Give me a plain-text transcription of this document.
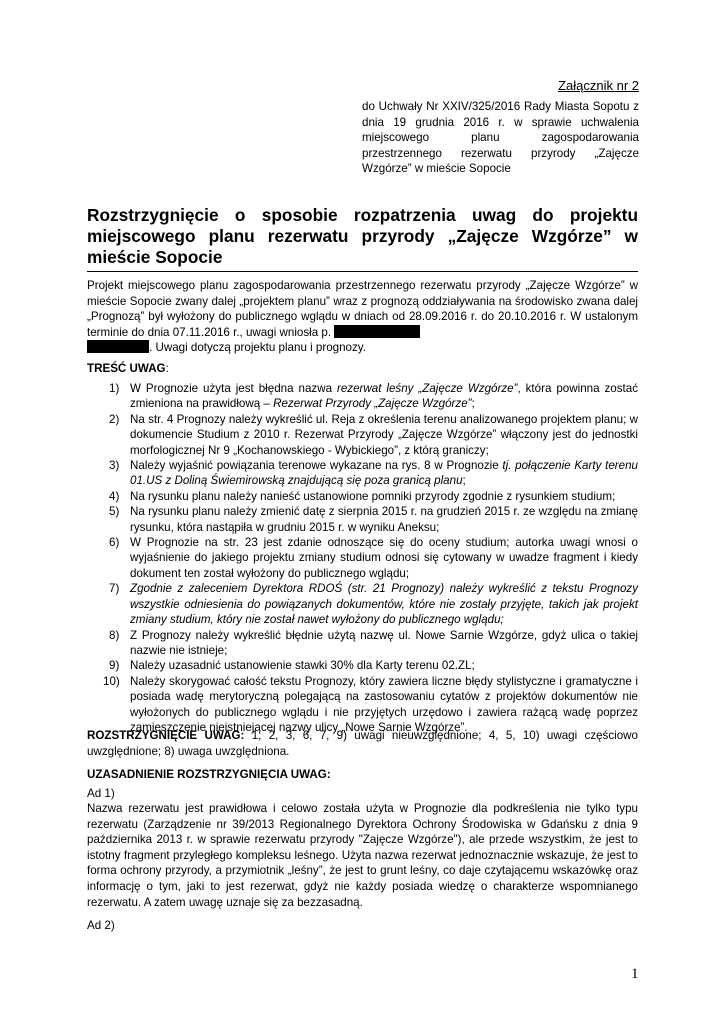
Załącznik nr 2
do Uchwały Nr XXIV/325/2016 Rady Miasta Sopotu z dnia 19 grudnia 2016 r. w sprawie uchwalenia miejscowego planu zagospodarowania przestrzennego rezerwatu przyrody „Zajęcze Wzgórze” w mieście Sopocie
Rozstrzygnięcie o sposobie rozpatrzenia uwag do projektu miejscowego planu rezerwatu przyrody „Zajęcze Wzgórze” w mieście Sopocie
Projekt miejscowego planu zagospodarowania przestrzennego rezerwatu przyrody „Zajęcze Wzgórze” w mieście Sopocie zwany dalej „projektem planu” wraz z prognozą oddziaływania na środowisko zwana dalej „Prognozą” był wyłożony do publicznego wglądu w dniach od 28.09.2016 r. do 20.10.2016 r. W ustalonym terminie do dnia 07.11.2016 r., uwagi wniosła p.
. Uwagi dotyczą projektu planu i prognozy.
TREŚĆ UWAG:
1) W Prognozie użyta jest błędna nazwa rezerwat leśny „Zajęcze Wzgórze”, która powinna zostać zmieniona na prawidłową – Rezerwat Przyrody „Zajęcze Wzgórze”;
2) Na str. 4 Prognozy należy wykreślić ul. Reja z określenia terenu analizowanego projektem planu; w dokumencie Studium z 2010 r. Rezerwat Przyrody „Zajęcze Wzgórze” włączony jest do jednostki morfologicznej Nr 9 „Kochanowskiego - Wybickiego”, z którą graniczy;
3) Należy wyjaśnić powiązania terenowe wykazane na rys. 8 w Prognozie tj. połączenie Karty terenu 01.US z Doliną Świemirowską znajdującą się poza granicą planu;
4) Na rysunku planu należy nanieść ustanowione pomniki przyrody zgodnie z rysunkiem studium;
5) Na rysunku planu należy zmienić datę z sierpnia 2015 r. na grudzień 2015 r. ze względu na zmianę rysunku, która nastąpiła w grudniu 2015 r. w wyniku Aneksu;
6) W Prognozie na str. 23 jest zdanie odnoszące się do oceny studium; autorka uwagi wnosi o wyjaśnienie do jakiego projektu zmiany studium odnosi się cytowany w uwadze fragment i kiedy dokument ten został wyłożony do publicznego wglądu;
7) Zgodnie z zaleceniem Dyrektora RDOŚ (str. 21 Prognozy) należy wykreślić z tekstu Prognozy wszystkie odniesienia do powiązanych dokumentów, które nie zostały przyjęte, takich jak projekt zmiany studium, który nie został nawet wyłożony do publicznego wglądu;
8) Z Prognozy należy wykreślić błędnie użytą nazwę ul. Nowe Sarnie Wzgórze, gdyż ulica o takiej nazwie nie istnieje;
9) Należy uzasadnić ustanowienie stawki 30% dla Karty terenu 02.ZL;
10) Należy skorygować całość tekstu Prognozy, który zawiera liczne błędy stylistyczne i gramatyczne i posiada wadę merytoryczną polegającą na zastosowaniu cytatów z projektów dokumentów nie wyłożonych do publicznego wglądu i nie przyjętych urzędowo i zawiera rażącą wadę poprzez zamieszczenie nieistniejącej nazwy ulicy „Nowe Sarnie Wzgórze”.
ROZSTRZYGNIĘCIE UWAG: 1, 2, 3, 6, 7, 9) uwagi nieuwzględnione; 4, 5, 10) uwagi częściowo uwzględnione; 8) uwaga uwzględniona.
UZASADNIENIE ROZSTRZYGNIĘCIA UWAG:
Ad 1)
Nazwa rezerwatu jest prawidłowa i celowo została użyta w Prognozie dla podkreślenia nie tylko typu rezerwatu (Zarządzenie nr 39/2013 Regionalnego Dyrektora Ochrony Środowiska w Gdańsku z dnia 9 października 2013 r. w sprawie rezerwatu przyrody "Zajęcze Wzgórze"), ale przede wszystkim, że jest to istotny fragment przyległego kompleksu leśnego. Użyta nazwa rezerwat jednoznacznie wskazuje, że jest to forma ochrony przyrody, a przymiotnik „leśny”, że jest to grunt leśny, co daje czytającemu wskazówkę oraz informację o tym, jaki to jest rezerwat, gdyż nie każdy posiada wiedzę o charakterze wspomnianego rezerwatu. A zatem uwagę uznaje się za bezzasadną.
Ad 2)
1
